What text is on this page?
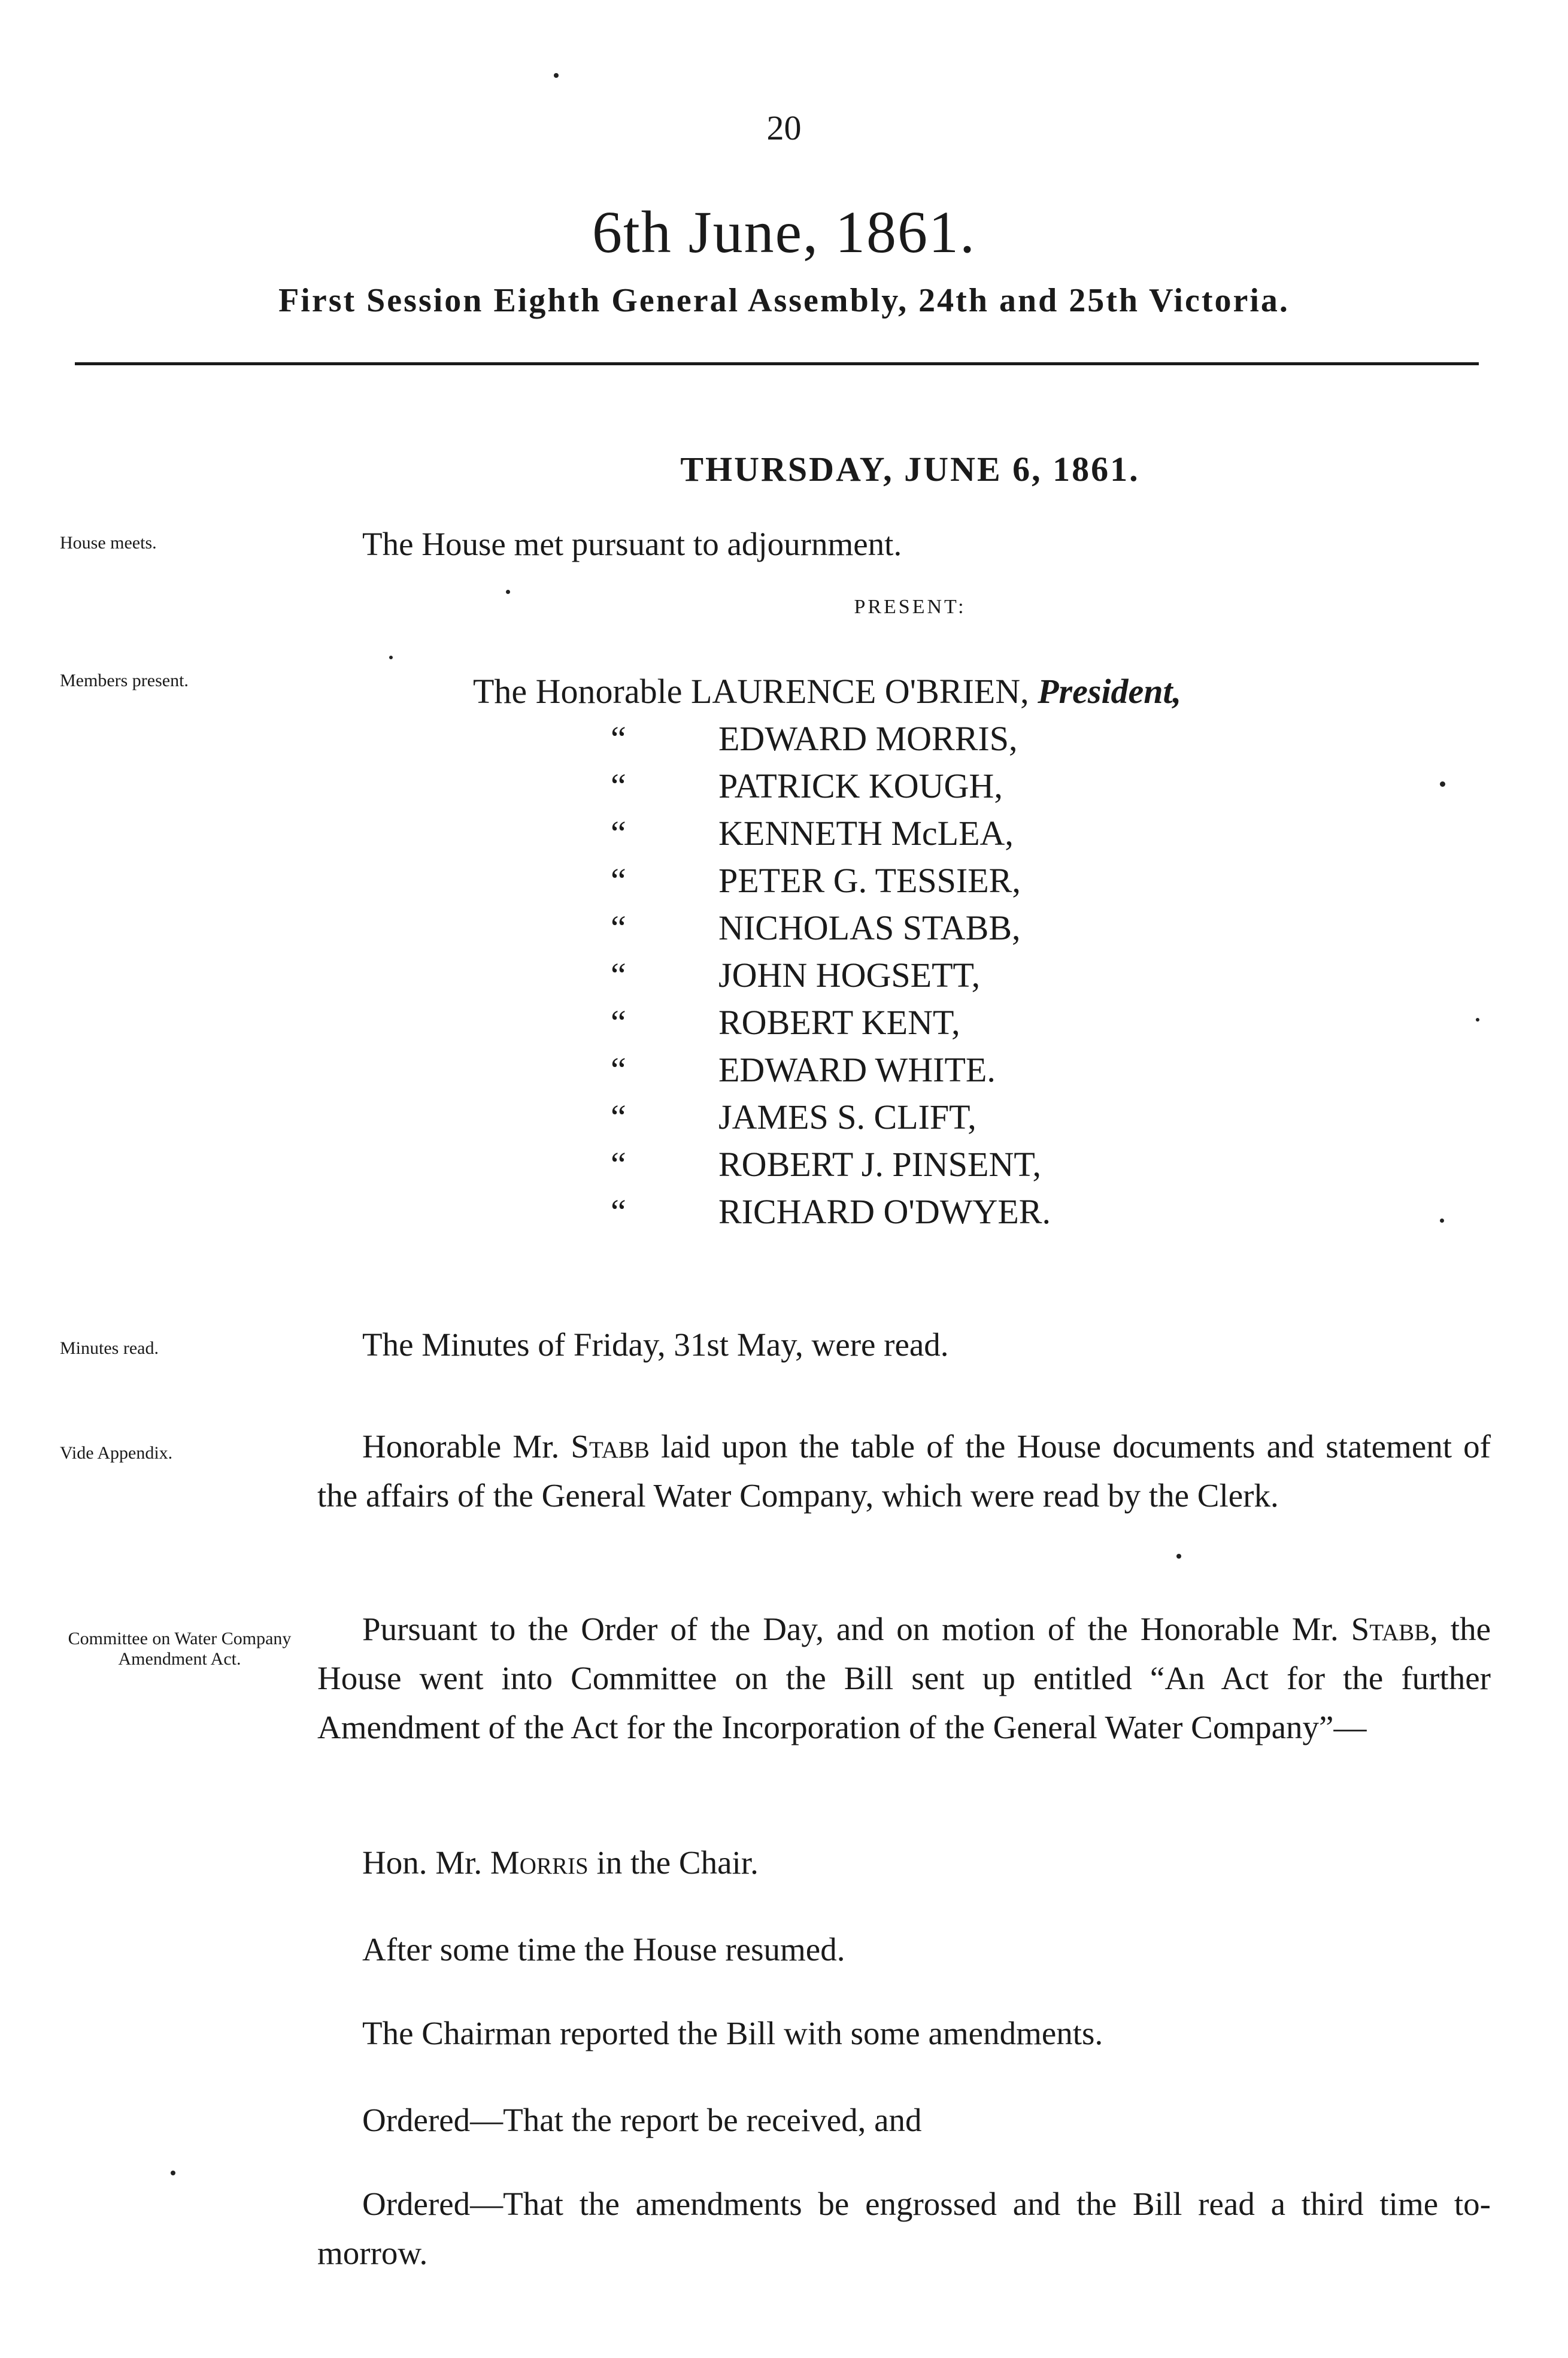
20
6th June, 1861.
First Session Eighth General Assembly, 24th and 25th Victoria.
THURSDAY, JUNE 6, 1861.
House meets.	The House met pursuant to adjournment.
PRESENT:
Members present.	The Honorable LAURENCE O'BRIEN, President,
“	EDWARD MORRIS,
“	PATRICK KOUGH,
“	KENNETH McLEA,
“	PETER G. TESSIER,
“	NICHOLAS STABB,
“	JOHN HOGSETT,
“	ROBERT KENT,
“	EDWARD WHITE.
“	JAMES S. CLIFT,
“	ROBERT J. PINSENT,
“	RICHARD O'DWYER.
Minutes read.	The Minutes of Friday, 31st May, were read.
Vide Appendix.	Honorable Mr. Stabb laid upon the table of the House documents and statement of the affairs of the General Water Company, which were read by the Clerk.
Committee on Water Company Amendment Act.
Pursuant to the Order of the Day, and on motion of the Honorable Mr. Stabb, the House went into Committee on the Bill sent up entitled “An Act for the further Amendment of the Act for the Incorporation of the General Water Company”—
Hon. Mr. Morris in the Chair.
After some time the House resumed.
The Chairman reported the Bill with some amendments.
Ordered—That the report be received, and
Ordered—That the amendments be engrossed and the Bill read a third time to-morrow.
